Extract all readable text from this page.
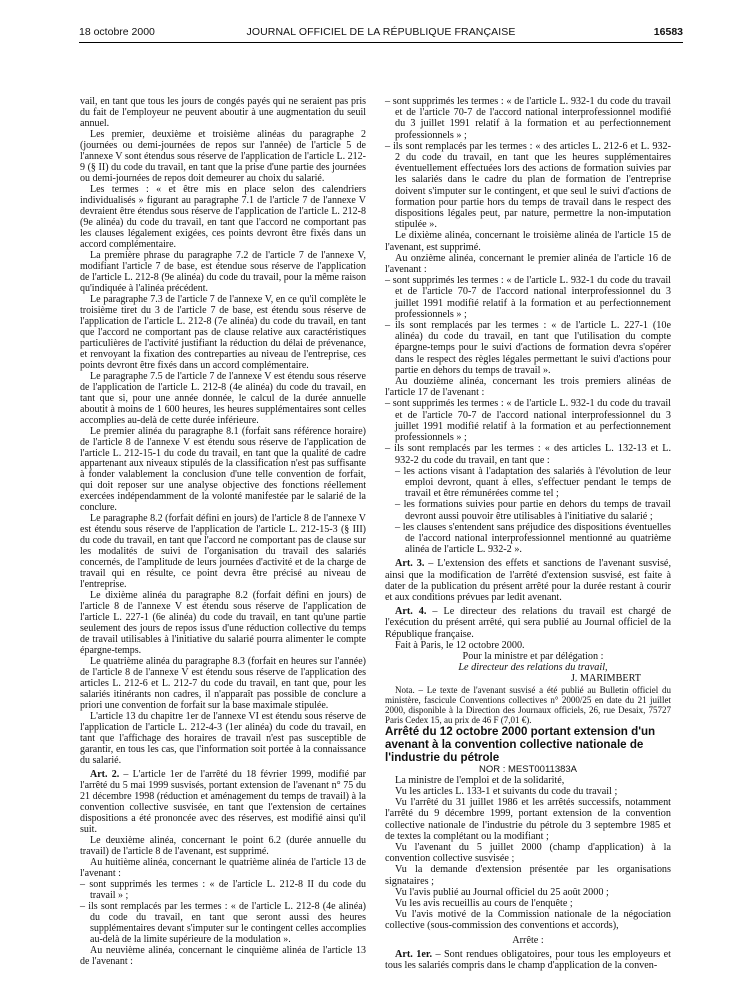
18 octobre 2000	JOURNAL OFFICIEL DE LA RÉPUBLIQUE FRANÇAISE	16583

vail, en tant que tous les jours de congés payés qui ne seraient pas pris du fait de l'employeur ne peuvent aboutir à une augmentation du seuil annuel.

Les premier, deuxième et troisième alinéas du paragraphe 2 (journées ou demi-journées de repos sur l'année) de l'article 5 de l'annexe V sont étendus sous réserve de l'application de l'article L. 212-9 (§ II) du code du travail, en tant que la prise d'une partie des journées ou demi-journées de repos doit demeurer au choix du salarié.

Les termes : « et être mis en place selon des calendriers individualisés » figurant au paragraphe 7.1 de l'article 7 de l'annexe V devraient être étendus sous réserve de l'application de l'article L. 212-8 (9e alinéa) du code du travail, en tant que l'accord ne comportant pas les clauses légalement exigées, ces points devront être fixés dans un accord complémentaire.

La première phrase du paragraphe 7.2 de l'article 7 de l'annexe V, modifiant l'article 7 de base, est étendue sous réserve de l'application de l'article L. 212-8 (9e alinéa) du code du travail, pour la même raison qu'indiquée à l'alinéa précédent.

Le paragraphe 7.3 de l'article 7 de l'annexe V, en ce qu'il complète le troisième tiret du 3 de l'article 7 de base, est étendu sous réserve de l'application de l'article L. 212-8 (7e alinéa) du code du travail, en tant que l'accord ne comportant pas de clause relative aux caractéristiques particulières de l'activité justifiant la réduction du délai de prévenance, et renvoyant la fixation des contreparties au niveau de l'entreprise, ces points devront être fixés dans un accord complémentaire.

Le paragraphe 7.5 de l'article 7 de l'annexe V est étendu sous réserve de l'application de l'article L. 212-8 (4e alinéa) du code du travail, en tant que si, pour une année donnée, le calcul de la durée annuelle aboutit à moins de 1 600 heures, les heures supplémentaires sont celles accomplies au-delà de cette durée inférieure.

Le premier alinéa du paragraphe 8.1 (forfait sans référence horaire) de l'article 8 de l'annexe V est étendu sous réserve de l'application de l'article L. 212-15-1 du code du travail, en tant que la qualité de cadre appartenant aux niveaux stipulés de la classification n'est pas suffisante à fonder valablement la conclusion d'une telle convention de forfait, qui doit reposer sur une analyse objective des fonctions réellement exercées indépendamment de la volonté manifestée par le salarié de la conclure.

Le paragraphe 8.2 (forfait défini en jours) de l'article 8 de l'annexe V est étendu sous réserve de l'application de l'article L. 212-15-3 (§ III) du code du travail, en tant que l'accord ne comportant pas de clause sur les modalités de suivi de l'organisation du travail des salariés concernés, de l'amplitude de leurs journées d'activité et de la charge de travail qui en résulte, ce point devra être précisé au niveau de l'entreprise.

Le dixième alinéa du paragraphe 8.2 (forfait défini en jours) de l'article 8 de l'annexe V est étendu sous réserve de l'application de l'article L. 227-1 (6e alinéa) du code du travail, en tant qu'une partie seulement des jours de repos issus d'une réduction collective du temps de travail utilisables à l'initiative du salarié pourra alimenter le compte épargne-temps.

Le quatrième alinéa du paragraphe 8.3 (forfait en heures sur l'année) de l'article 8 de l'annexe V est étendu sous réserve de l'application des articles L. 212-6 et L. 212-7 du code du travail, en tant que, pour les salariés itinérants non cadres, il n'apparaît pas possible de conclure a priori une convention de forfait sur la base maximale stipulée.

L'article 13 du chapitre 1er de l'annexe VI est étendu sous réserve de l'application de l'article L. 212-4-3 (1er alinéa) du code du travail, en tant que l'affichage des horaires de travail n'est pas susceptible de garantir, en tous les cas, que l'information soit portée à la connaissance du salarié.

Art. 2. – L'article 1er de l'arrêté du 18 février 1999, modifié par l'arrêté du 5 mai 1999 susvisés, portant extension de l'avenant n° 75 du 21 décembre 1998 (réduction et aménagement du temps de travail) à la convention collective susvisée, en tant que l'extension de certaines dispositions a été prononcée avec des réserves, est modifié ainsi qu'il suit.

Le deuxième alinéa, concernant le point 6.2 (durée annuelle du travail) de l'article 8 de l'avenant, est supprimé.

Au huitième alinéa, concernant le quatrième alinéa de l'article 13 de l'avenant :

– sont supprimés les termes : « de l'article L. 212-8 II du code du travail » ;

– ils sont remplacés par les termes : « de l'article L. 212-8 (4e alinéa) du code du travail, en tant que seront aussi des heures supplémentaires devant s'imputer sur le contingent celles accomplies au-delà de la limite supérieure de la modulation ».

Au neuvième alinéa, concernant le cinquième alinéa de l'article 13 de l'avenant :

– sont supprimés les termes : « de l'article L. 932-1 du code du travail et de l'article 70-7 de l'accord national interprofessionnel modifié du 3 juillet 1991 relatif à la formation et au perfectionnement professionnels » ;

– ils sont remplacés par les termes : « des articles L. 212-6 et L. 932-2 du code du travail, en tant que les heures supplémentaires éventuellement effectuées lors des actions de formation suivies par les salariés dans le cadre du plan de formation de l'entreprise doivent s'imputer sur le contingent, et que seul le suivi d'actions de formation pour partie hors du temps de travail dans le respect des dispositions légales peut, par nature, permettre la non-imputation stipulée ».

Le dixième alinéa, concernant le troisième alinéa de l'article 15 de l'avenant, est supprimé.

Au onzième alinéa, concernant le premier alinéa de l'article 16 de l'avenant :

– sont supprimés les termes : « de l'article L. 932-1 du code du travail et de l'article 70-7 de l'accord national interprofessionnel du 3 juillet 1991 modifié relatif à la formation et au perfectionnement professionnels » ;

– ils sont remplacés par les termes : « de l'article L. 227-1 (10e alinéa) du code du travail, en tant que l'utilisation du compte épargne-temps pour le suivi d'actions de formation devra s'opérer dans le respect des règles légales permettant le suivi d'actions pour partie en dehors du temps de travail ».

Au douzième alinéa, concernant les trois premiers alinéas de l'article 17 de l'avenant :

– sont supprimés les termes : « de l'article L. 932-1 du code du travail et de l'article 70-7 de l'accord national interprofessionnel du 3 juillet 1991 modifié relatif à la formation et au perfectionnement professionnels » ;

– ils sont remplacés par les termes : « des articles L. 132-13 et L. 932-2 du code du travail, en tant que :

– les actions visant à l'adaptation des salariés à l'évolution de leur emploi devront, quant à elles, s'effectuer pendant le temps de travail et être rémunérées comme tel ;

– les formations suivies pour partie en dehors du temps de travail devront aussi pouvoir être utilisables à l'initiative du salarié ;

– les clauses s'entendent sans préjudice des dispositions éventuelles de l'accord national interprofessionnel mentionné au quatrième alinéa de l'article L. 932-2 ».

Art. 3. – L'extension des effets et sanctions de l'avenant susvisé, ainsi que la modification de l'arrêté d'extension susvisé, est faite à dater de la publication du présent arrêté pour la durée restant à courir et aux conditions prévues par ledit avenant.

Art. 4. – Le directeur des relations du travail est chargé de l'exécution du présent arrêté, qui sera publié au Journal officiel de la République française.

Fait à Paris, le 12 octobre 2000.

Pour la ministre et par délégation :

Le directeur des relations du travail,

J. MARIMBERT

Nota. – Le texte de l'avenant susvisé a été publié au Bulletin officiel du ministère, fascicule Conventions collectives n° 2000/25 en date du 21 juillet 2000, disponible à la Direction des Journaux officiels, 26, rue Desaix, 75727 Paris Cedex 15, au prix de 46 F (7,01 €).

Arrêté du 12 octobre 2000 portant extension d'un avenant à la convention collective nationale de l'industrie du pétrole

NOR : MEST0011383A

La ministre de l'emploi et de la solidarité,

Vu les articles L. 133-1 et suivants du code du travail ;

Vu l'arrêté du 31 juillet 1986 et les arrêtés successifs, notamment l'arrêté du 9 décembre 1999, portant extension de la convention collective nationale de l'industrie du pétrole du 3 septembre 1985 et de textes la complétant ou la modifiant ;

Vu l'avenant du 5 juillet 2000 (champ d'application) à la convention collective susvisée ;

Vu la demande d'extension présentée par les organisations signataires ;

Vu l'avis publié au Journal officiel du 25 août 2000 ;

Vu les avis recueillis au cours de l'enquête ;

Vu l'avis motivé de la Commission nationale de la négociation collective (sous-commission des conventions et accords),

Arrête :

Art. 1er. – Sont rendues obligatoires, pour tous les employeurs et tous les salariés compris dans le champ d'application de la conven-
